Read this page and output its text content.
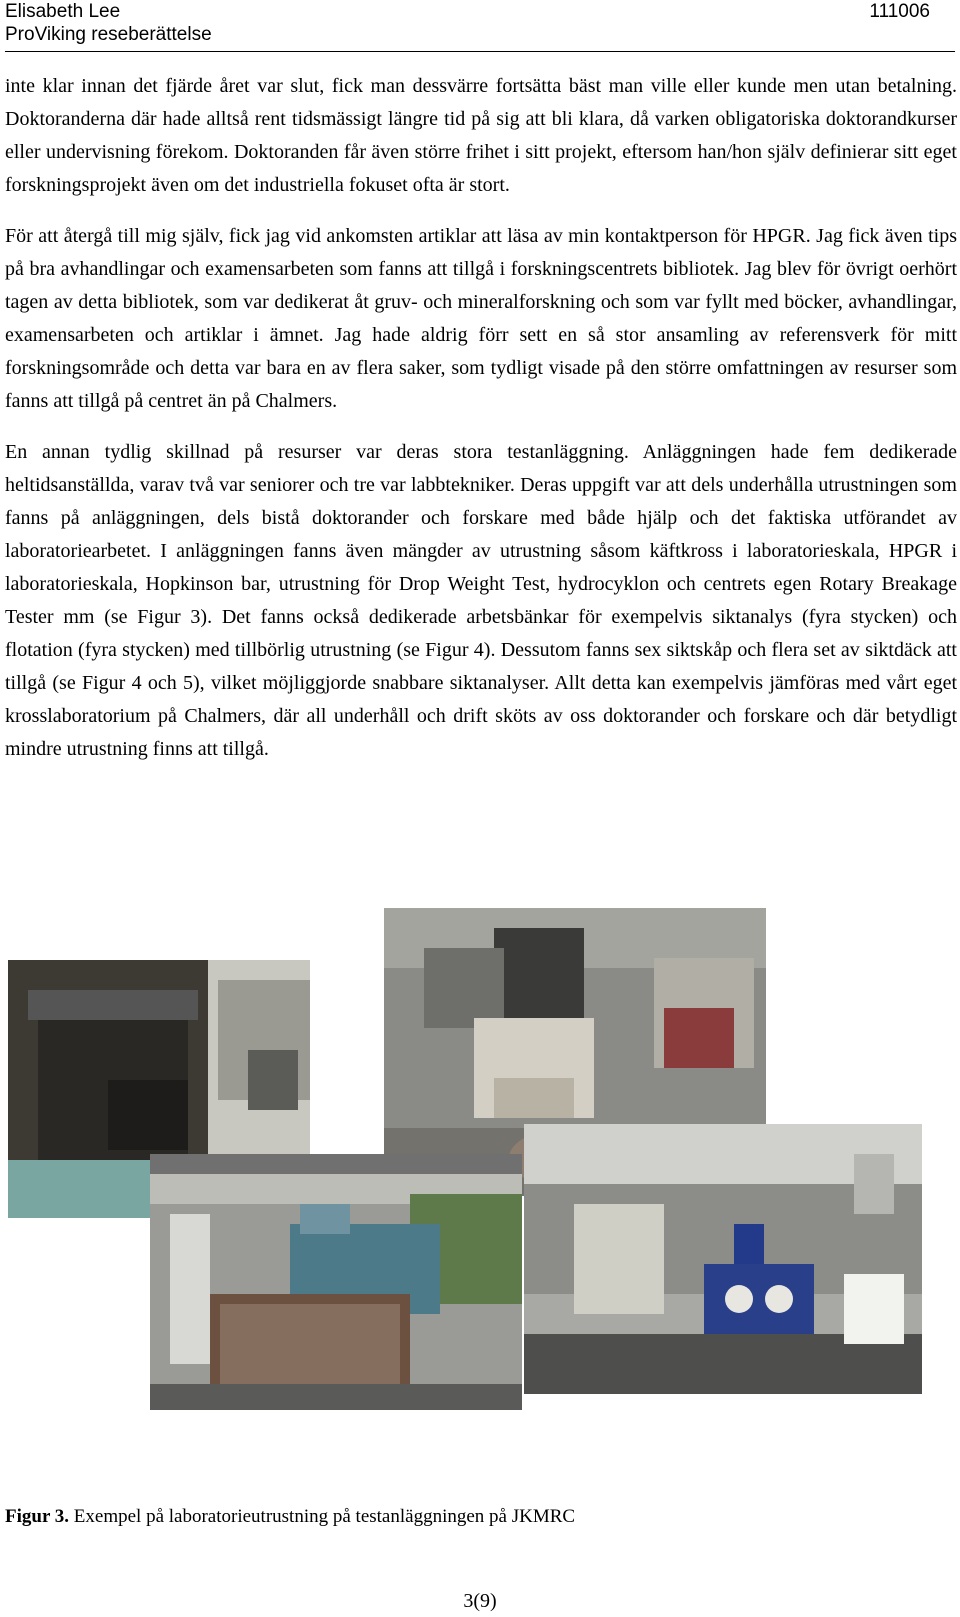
Elisabeth Lee
ProViking reseberättelse
111006

inte klar innan det fjärde året var slut, fick man dessvärre fortsätta bäst man ville eller kunde men utan betalning. Doktoranderna där hade alltså rent tidsmässigt längre tid på sig att bli klara, då varken obligatoriska doktorandkurser eller undervisning förekom. Doktoranden får även större frihet i sitt projekt, eftersom han/hon själv definierar sitt eget forskningsprojekt även om det industriella fokuset ofta är stort.

För att återgå till mig själv, fick jag vid ankomsten artiklar att läsa av min kontaktperson för HPGR. Jag fick även tips på bra avhandlingar och examensarbeten som fanns att tillgå i forskningscentrets bibliotek. Jag blev för övrigt oerhört tagen av detta bibliotek, som var dedikerat åt gruv- och mineralforskning och som var fyllt med böcker, avhandlingar, examensarbeten och artiklar i ämnet. Jag hade aldrig förr sett en så stor ansamling av referensverk för mitt forskningsområde och detta var bara en av flera saker, som tydligt visade på den större omfattningen av resurser som fanns att tillgå på centret än på Chalmers.

En annan tydlig skillnad på resurser var deras stora testanläggning. Anläggningen hade fem dedikerade heltidsanställda, varav två var seniorer och tre var labbtekniker. Deras uppgift var att dels underhålla utrustningen som fanns på anläggningen, dels bistå doktorander och forskare med både hjälp och det faktiska utförandet av laboratoriearbetet. I anläggningen fanns även mängder av utrustning såsom käftkross i laboratorieskala, HPGR i laboratorieskala, Hopkinson bar, utrustning för Drop Weight Test, hydrocyklon och centrets egen Rotary Breakage Tester mm (se Figur 3). Det fanns också dedikerade arbetsbänkar för exempelvis siktanalys (fyra stycken) och flotation (fyra stycken) med tillbörlig utrustning (se Figur 4). Dessutom fanns sex siktskåp och flera set av siktdäck att tillgå (se Figur 4 och 5), vilket möjliggjorde snabbare siktanalyser. Allt detta kan exempelvis jämföras med vårt eget krosslaboratorium på Chalmers, där all underhåll och drift sköts av oss doktorander och forskare och där betydligt mindre utrustning finns att tillgå.

Figur 3. Exempel på laboratorieutrustning på testanläggningen på JKMRC
3(9)
